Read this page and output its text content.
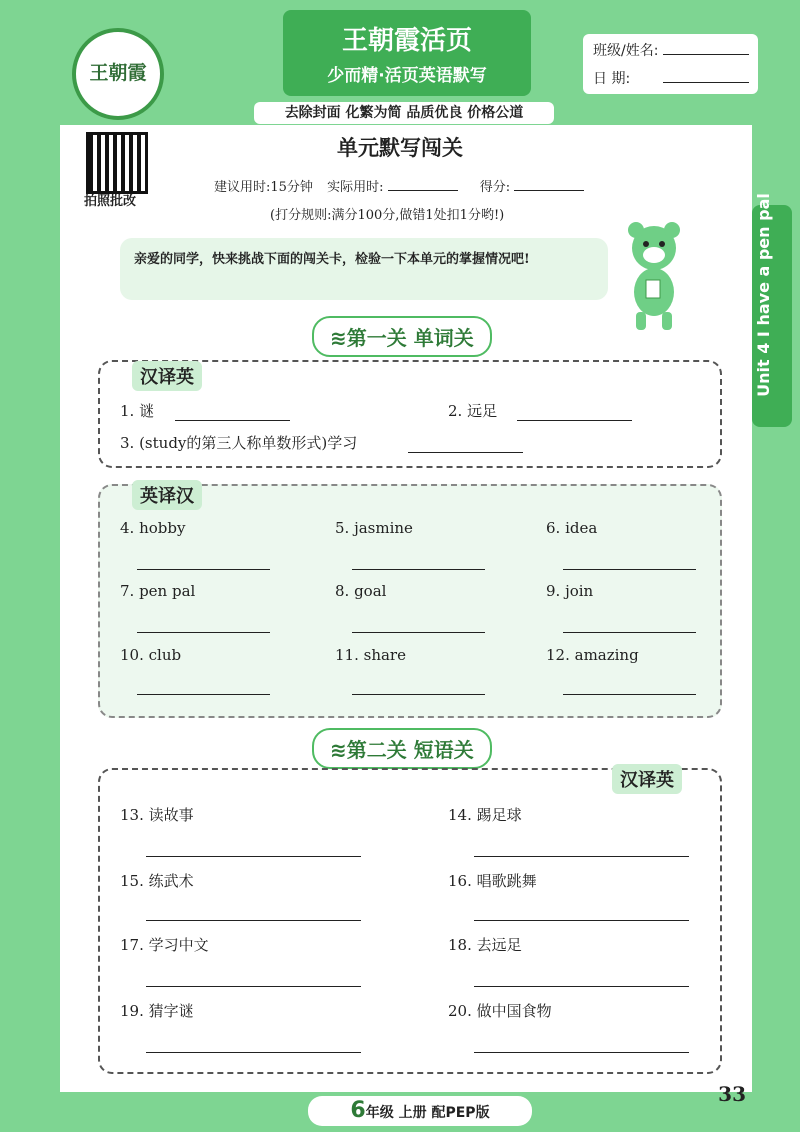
王朝霞
王朝霞活页
少而精·活页英语默写
去除封面 化繁为简 品质优良 价格公道
班级/姓名:
日 期:
拍照批改
单元默写闯关
建议用时:15分钟 实际用时:	得分:
(打分规则:满分100分,做错1处扣1分哟!)
亲爱的同学，快来挑战下面的闯关卡，检验一下本单元的掌握情况吧!	Unit 4 I have a pen pal
≋第一关 单词关
汉译英
1. 谜	2. 远足
3. (study的第三人称单数形式)学习
英译汉
4. hobby	5. jasmine	6. idea
7. pen pal	8. goal	9. join
10. club	11. share	12. amazing
≋第二关 短语关
汉译英
13. 读故事	14. 踢足球
15. 练武术	16. 唱歌跳舞
17. 学习中文	18. 去远足
19. 猜字谜	20. 做中国食物
6年级 上册 配PEP版
33
